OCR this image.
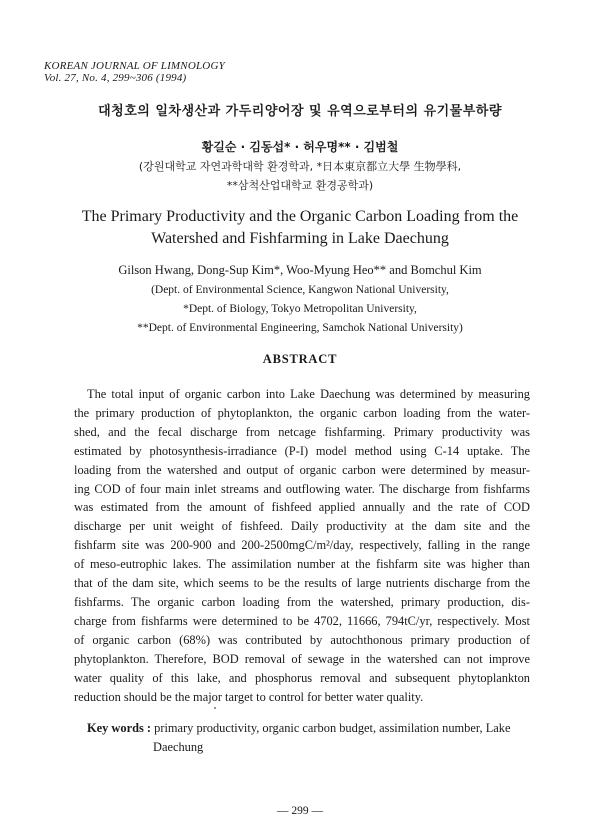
KOREAN JOURNAL OF LIMNOLOGY
Vol. 27, No. 4, 299~306 (1994)
대청호의 일차생산과 가두리양어장 및 유역으로부터의 유기물부하량
황길순 · 김동섭* · 허우명** · 김범철
(강원대학교 자연과학대학 환경학과, *日本東京都立大學 生物學科,
**삼척산업대학교 환경공학과)
The Primary Productivity and the Organic Carbon Loading from the
Watershed and Fishfarming in Lake Daechung
Gilson Hwang, Dong-Sup Kim*, Woo-Myung Heo** and Bomchul Kim
(Dept. of Environmental Science, Kangwon National University,
*Dept. of Biology, Tokyo Metropolitan University,
**Dept. of Environmental Engineering, Samchok National University)
ABSTRACT
The total input of organic carbon into Lake Daechung was determined by measuring
the primary production of phytoplankton, the organic carbon loading from the water-
shed, and the fecal discharge from netcage fishfarming. Primary productivity was
estimated by photosynthesis-irradiance (P-I) model method using C-14 uptake. The
loading from the watershed and output of organic carbon were determined by measur-
ing COD of four main inlet streams and outflowing water. The discharge from fishfarms
was estimated from the amount of fishfeed applied annually and the rate of COD
discharge per unit weight of fishfeed. Daily productivity at the dam site and the
fishfarm site was 200-900 and 200-2500mgC/m²/day, respectively, falling in the range
of meso-eutrophic lakes. The assimilation number at the fishfarm site was higher than
that of the dam site, which seems to be the results of large nutrients discharge from the
fishfarms. The organic carbon loading from the watershed, primary production, dis-
charge from fishfarms were determined to be 4702, 11666, 794tC/yr, respectively. Most
of organic carbon (68%) was contributed by autochthonous primary production of
phytoplankton. Therefore, BOD removal of sewage in the watershed can not improve
water quality of this lake, and phosphorus removal and subsequent phytoplankton
reduction should be the major target to control for better water quality.
Key words : primary productivity, organic carbon budget, assimilation number, Lake
Daechung
— 299 —
